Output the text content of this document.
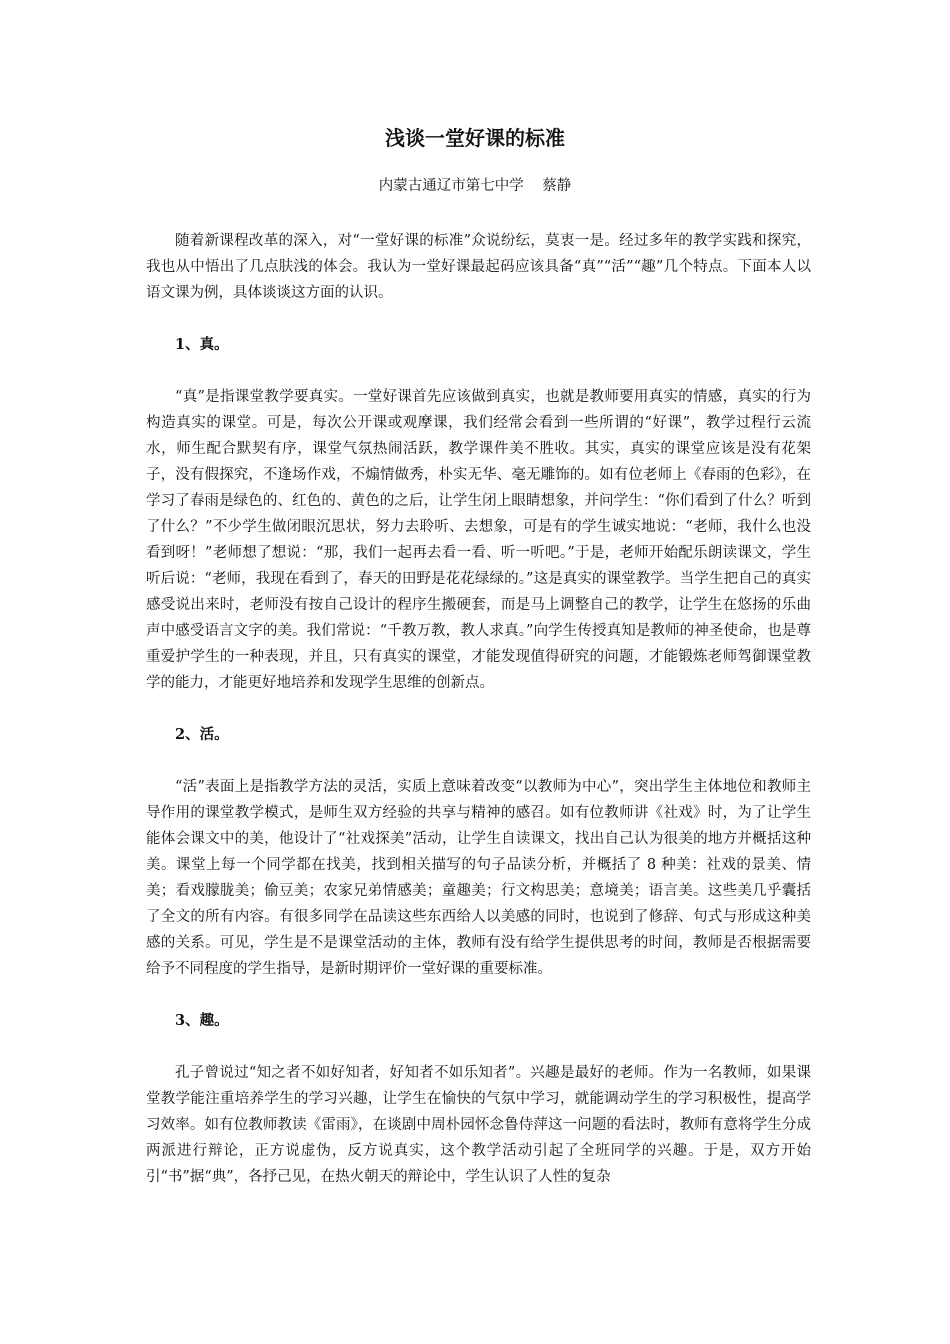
浅谈一堂好课的标准

内蒙古通辽市第七中学    蔡静

随着新课程改革的深入，对“一堂好课的标准”众说纷纭，莫衷一是。经过多年的教学实践和探究，我也从中悟出了几点肤浅的体会。我认为一堂好课最起码应该具备“真”“活”“趣”几个特点。下面本人以语文课为例，具体谈谈这方面的认识。

1、真。

“真”是指课堂教学要真实。一堂好课首先应该做到真实，也就是教师要用真实的情感，真实的行为构造真实的课堂。可是，每次公开课或观摩课，我们经常会看到一些所谓的“好课”，教学过程行云流水，师生配合默契有序，课堂气氛热闹活跃，教学课件美不胜收。其实，真实的课堂应该是没有花架子，没有假探究，不逢场作戏，不煽情做秀，朴实无华、毫无雕饰的。如有位老师上《春雨的色彩》，在学习了春雨是绿色的、红色的、黄色的之后，让学生闭上眼睛想象，并问学生：“你们看到了什么？听到了什么？”不少学生做闭眼沉思状，努力去聆听、去想象，可是有的学生诚实地说：“老师，我什么也没看到呀！”老师想了想说：“那，我们一起再去看一看、听一听吧。”于是，老师开始配乐朗读课文，学生听后说：“老师，我现在看到了，春天的田野是花花绿绿的。”这是真实的课堂教学。当学生把自己的真实感受说出来时，老师没有按自己设计的程序生搬硬套，而是马上调整自己的教学，让学生在悠扬的乐曲声中感受语言文字的美。我们常说：“千教万教，教人求真。”向学生传授真知是教师的神圣使命，也是尊重爱护学生的一种表现，并且，只有真实的课堂，才能发现值得研究的问题，才能锻炼老师驾御课堂教学的能力，才能更好地培养和发现学生思维的创新点。

2、活。

“活”表面上是指教学方法的灵活，实质上意味着改变“以教师为中心”，突出学生主体地位和教师主导作用的课堂教学模式，是师生双方经验的共享与精神的感召。如有位教师讲《社戏》时，为了让学生能体会课文中的美，他设计了“社戏探美”活动，让学生自读课文，找出自己认为很美的地方并概括这种美。课堂上每一个同学都在找美，找到相关描写的句子品读分析，并概括了 8 种美：社戏的景美、情美；看戏朦胧美；偷豆美；农家兄弟情感美；童趣美；行文构思美；意境美；语言美。这些美几乎囊括了全文的所有内容。有很多同学在品读这些东西给人以美感的同时，也说到了修辞、句式与形成这种美感的关系。可见，学生是不是课堂活动的主体，教师有没有给学生提供思考的时间，教师是否根据需要给予不同程度的学生指导，是新时期评价一堂好课的重要标准。

3、趣。

孔子曾说过“知之者不如好知者，好知者不如乐知者”。兴趣是最好的老师。作为一名教师，如果课堂教学能注重培养学生的学习兴趣，让学生在愉快的气氛中学习，就能调动学生的学习积极性，提高学习效率。如有位教师教读《雷雨》，在谈剧中周朴园怀念鲁侍萍这一问题的看法时，教师有意将学生分成两派进行辩论，正方说虚伪，反方说真实，这个教学活动引起了全班同学的兴趣。于是，双方开始引“书”据“典”，各抒己见，在热火朝天的辩论中，学生认识了人性的复杂
